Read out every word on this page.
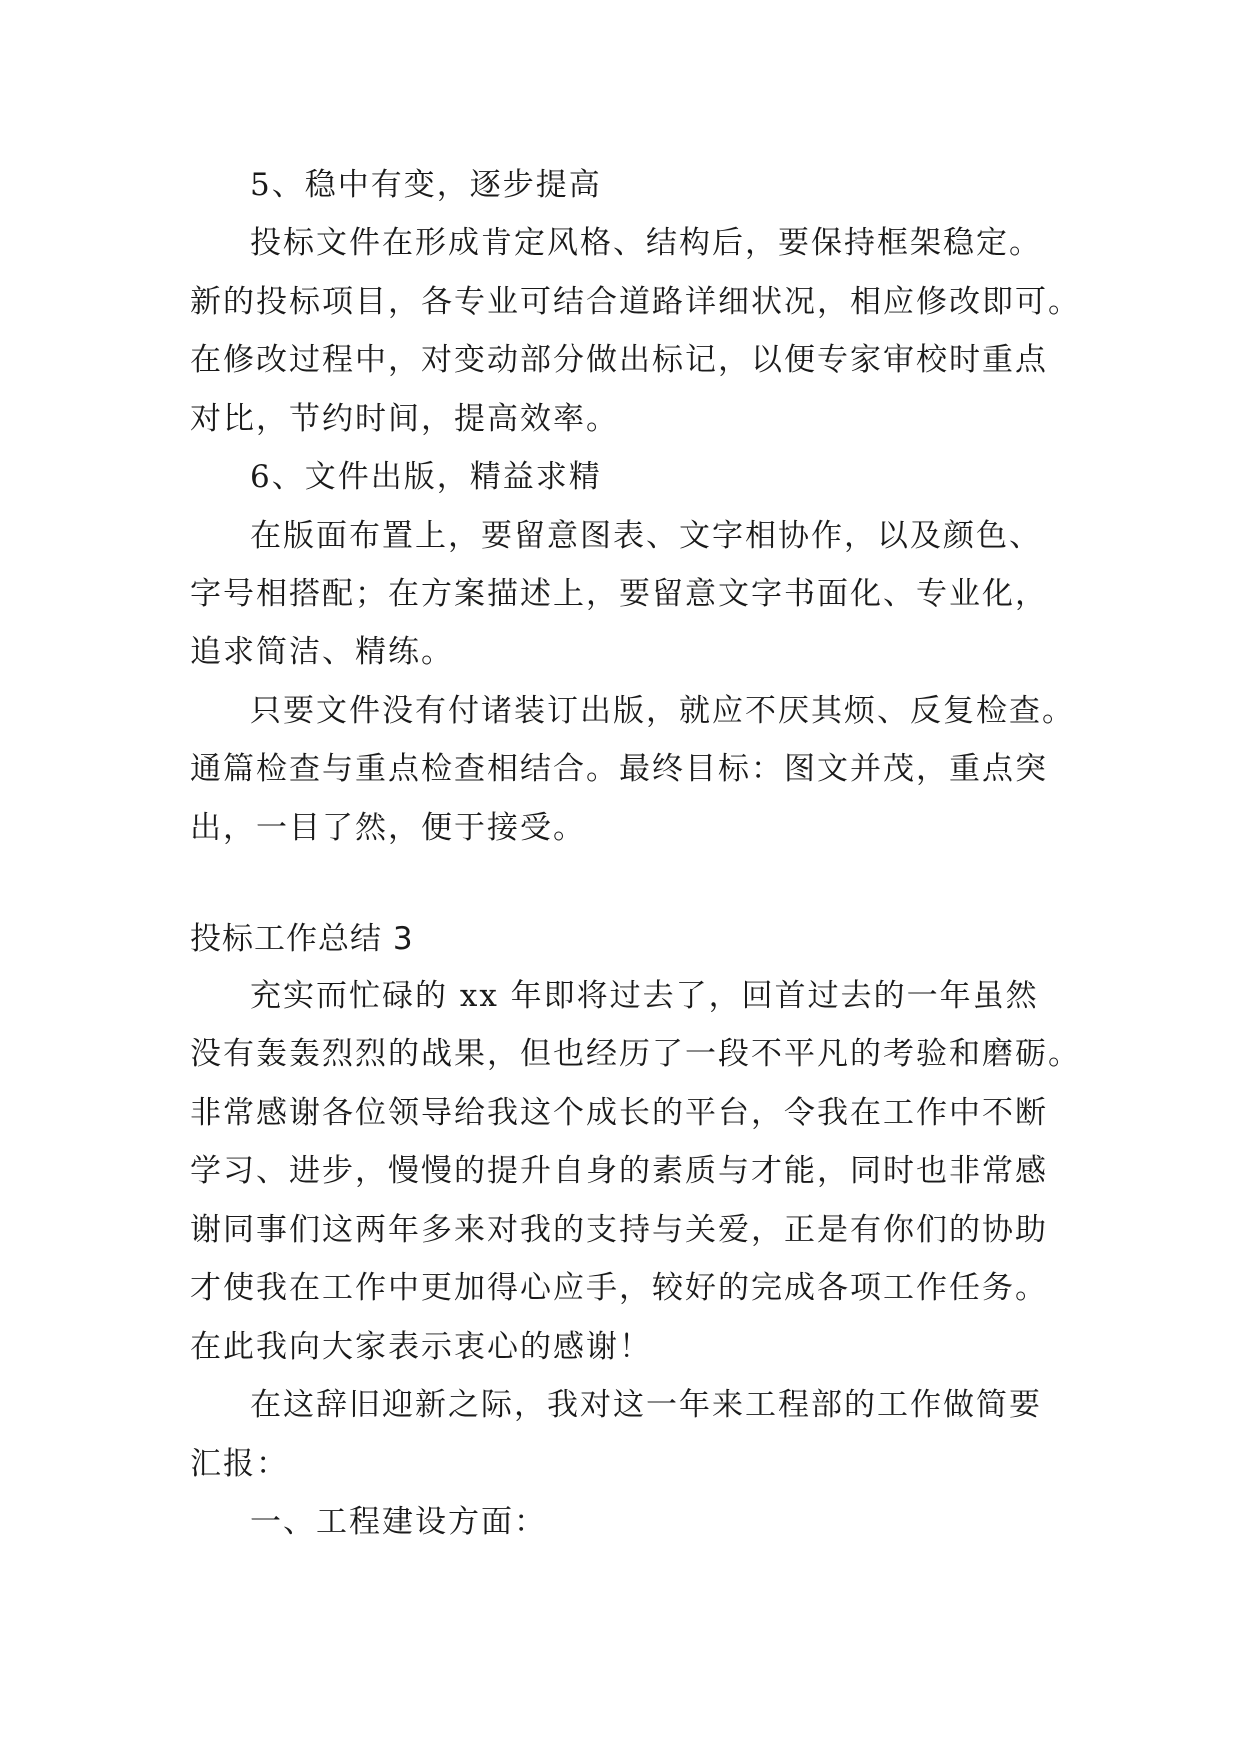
5、稳中有变，逐步提高

投标文件在形成肯定风格、结构后，要保持框架稳定。

新的投标项目，各专业可结合道路详细状况，相应修改即可。

在修改过程中，对变动部分做出标记，以便专家审校时重点

对比，节约时间，提高效率。

6、文件出版，精益求精

在版面布置上，要留意图表、文字相协作，以及颜色、

字号相搭配；在方案描述上，要留意文字书面化、专业化，

追求简洁、精练。

只要文件没有付诸装订出版，就应不厌其烦、反复检查。

通篇检查与重点检查相结合。最终目标：图文并茂，重点突

出，一目了然，便于接受。

投标工作总结 3

充实而忙碌的 xx 年即将过去了，回首过去的一年虽然

没有轰轰烈烈的战果，但也经历了一段不平凡的考验和磨砺。

非常感谢各位领导给我这个成长的平台，令我在工作中不断

学习、进步，慢慢的提升自身的素质与才能，同时也非常感

谢同事们这两年多来对我的支持与关爱，正是有你们的协助

才使我在工作中更加得心应手，较好的完成各项工作任务。

在此我向大家表示衷心的感谢！

在这辞旧迎新之际，我对这一年来工程部的工作做简要

汇报：

一、工程建设方面：
